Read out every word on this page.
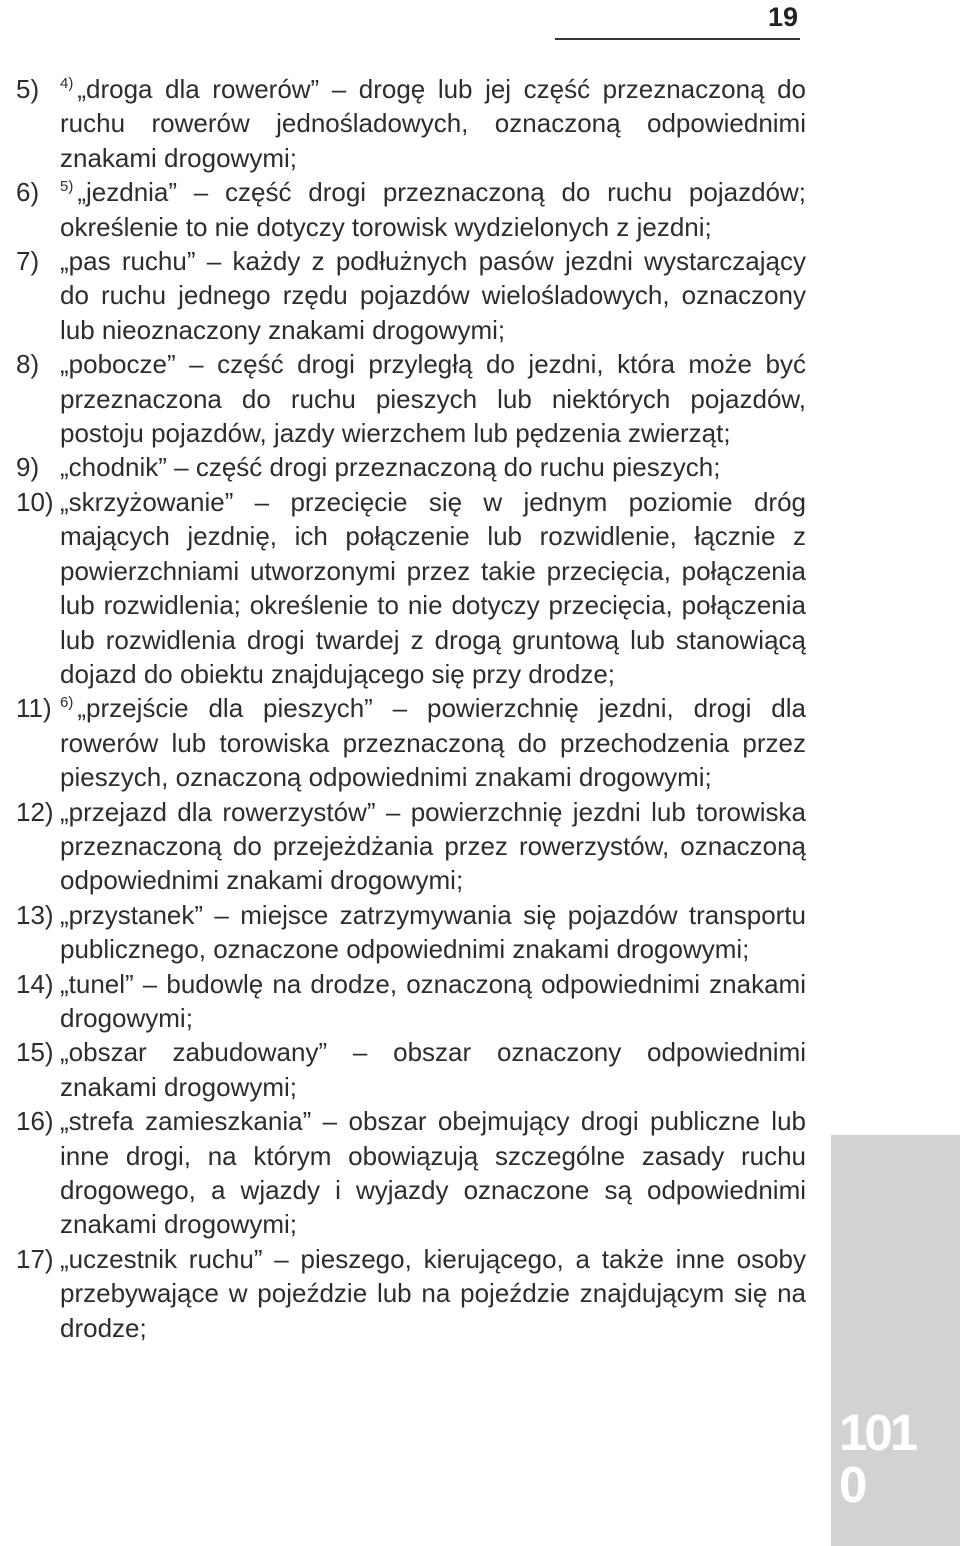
19
5)	$^{4)}$ „droga dla rowerów” – drogę lub jej część przeznaczoną do ruchu rowerów jednośladowych, oznaczoną odpowiednimi znakami drogowymi;
6)	$^{5)}$ „jezdnia” – część drogi przeznaczoną do ruchu pojazdów; określenie to nie dotyczy torowisk wydzielonych z jezdni;
7) „pas ruchu” – każdy z podłużnych pasów jezdni wystarczający do ruchu jednego rzędu pojazdów wielośladowych, oznaczony lub nieoznaczony znakami drogowymi;
8) „pobocze” – część drogi przyległą do jezdni, która może być przeznaczona do ruchu pieszych lub niektórych pojazdów, postoju pojazdów, jazdy wierzchem lub pędzenia zwierząt;
9) „chodnik” – część drogi przeznaczoną do ruchu pieszych;
10) „skrzyżowanie” – przecięcie się w jednym poziomie dróg mających jezdnię, ich połączenie lub rozwidlenie, łącznie z powierzchniami utworzonymi przez takie przecięcia, połączenia lub rozwidlenia; określenie to nie dotyczy przecięcia, połączenia lub rozwidlenia drogi twardej z drogą gruntową lub stanowiącą dojazd do obiektu znajdującego się przy drodze;
11) $^{6)}$ „przejście dla pieszych” – powierzchnię jezdni, drogi dla rowerów lub torowiska przeznaczoną do przechodzenia przez pieszych, oznaczoną odpowiednimi znakami drogowymi;
12) „przejazd dla rowerzystów” – powierzchnię jezdni lub torowiska przeznaczoną do przejeżdżania przez rowerzystów, oznaczoną odpowiednimi znakami drogowymi;
13) „przystanek” – miejsce zatrzymywania się pojazdów transportu publicznego, oznaczone odpowiednimi znakami drogowymi;
14) „tunel” – budowlę na drodze, oznaczoną odpowiednimi znakami drogowymi;
15) „obszar zabudowany” – obszar oznaczony odpowiednimi znakami drogowymi;
16) „strefa zamieszkania” – obszar obejmujący drogi publiczne lub inne drogi, na którym obowiązują szczególne zasady ruchu drogowego, a wjazdy i wyjazdy oznaczone są odpowiednimi znakami drogowymi;
17) „uczestnik ruchu” – pieszego, kierującego, a także inne osoby przebywające w pojeździe lub na pojeździe znajdującym się na drodze;
101
0
